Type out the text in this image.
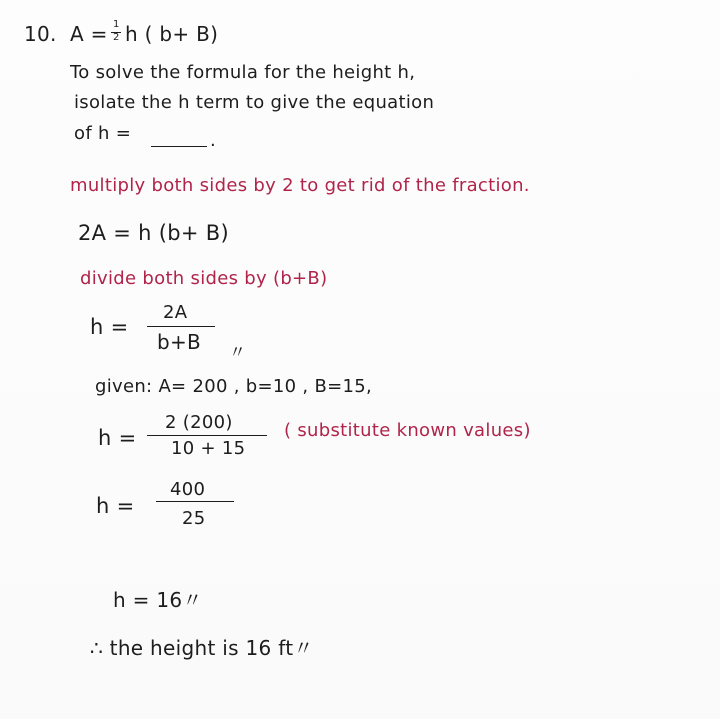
10. A = 1
2 h ( b+ B)
To solve the formula for the height h,
isolate the h term to give the equation
of h =	.
multiply both sides by 2 to get rid of the fraction.
2A = h (b+ B)
divide both sides by (b+B)
h =
2A
b+B 〃
given: A= 200 , b=10 , B=15,
h =
2 (200)
10 + 15
( substitute known values)
h =
400
25
h = 16〃
∴ the height is 16 ft〃
